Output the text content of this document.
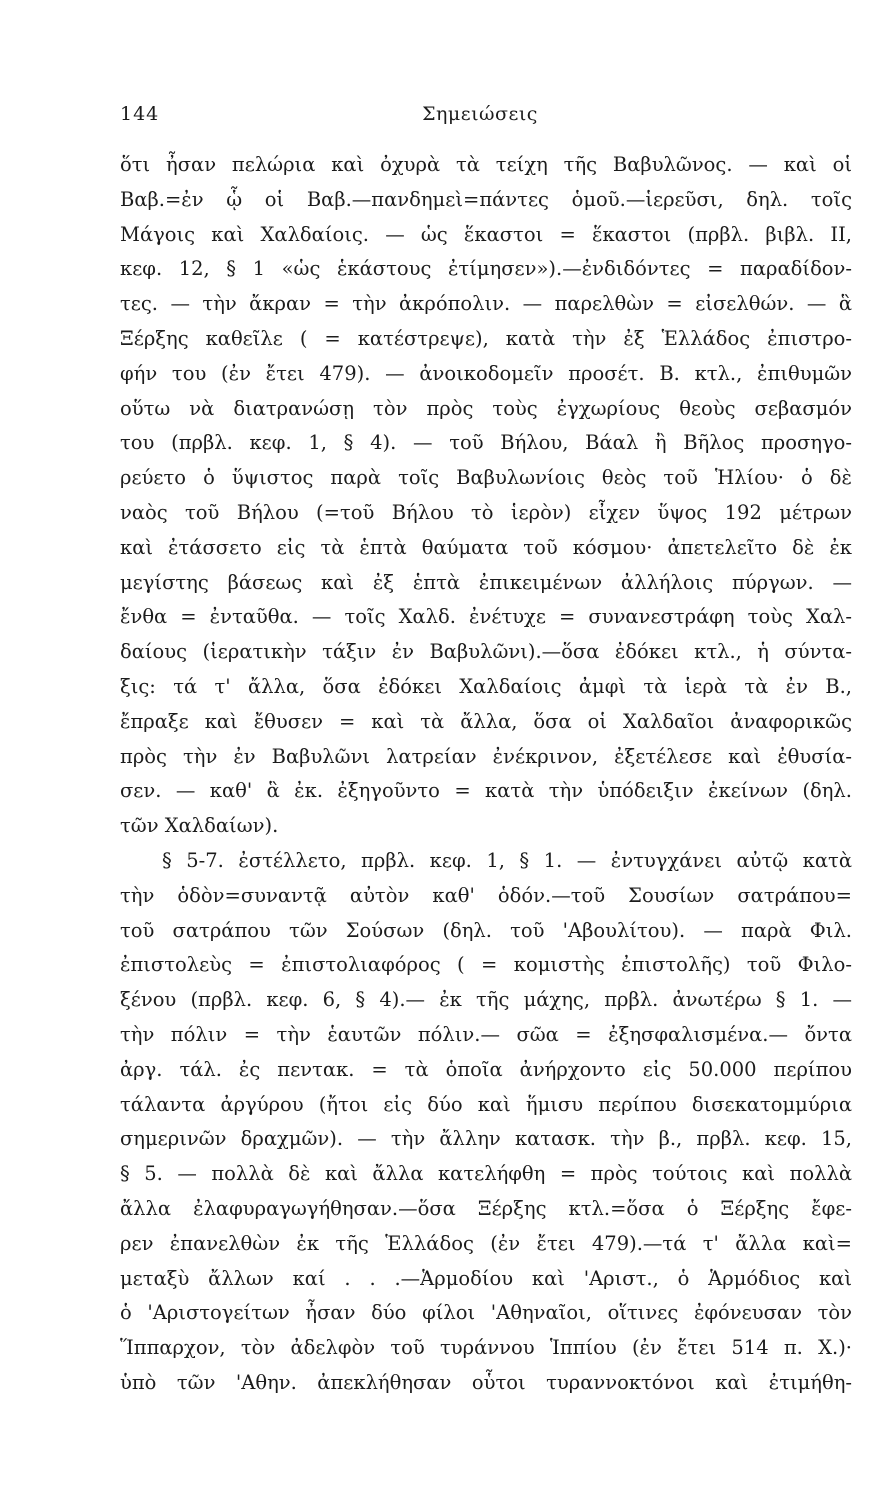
144	Σημειώσεις
ὅτι ἦσαν πελώρια καὶ ὀχυρὰ τὰ τείχη τῆς Βαβυλῶνος. — καὶ οἱ
Βαβ.=ἐν ᾧ οἱ Βαβ.—πανδημεὶ=πάντες ὁμοῦ.—ἱερεῦσι, δηλ. τοῖς
Μάγοις καὶ Χαλδαίοις. — ὡς ἕκαστοι = ἕκαστοι (πρβλ. βιβλ. II,
κεφ. 12, § 1 «ὡς ἑκάστους ἐτίμησεν»).—ἐνδιδόντες = παραδίδον-
τες. — τὴν ἄκραν = τὴν ἀκρόπολιν. — παρελθὼν = εἰσελθών. — ἃ
Ξέρξης καθεῖλε ( = κατέστρεψε), κατὰ τὴν ἐξ Ἑλλάδος ἐπιστρο-
φήν του (ἐν ἔτει 479). — ἀνοικοδομεῖν προσέτ. Β. κτλ., ἐπιθυμῶν
οὕτω νὰ διατρανώσῃ τὸν πρὸς τοὺς ἐγχωρίους θεοὺς σεβασμόν
του (πρβλ. κεφ. 1, § 4). — τοῦ Βήλου, Βάαλ ἢ Βῆλος προσηγο-
ρεύετο ὁ ὕψιστος παρὰ τοῖς Βαβυλωνίοις θεὸς τοῦ Ἡλίου· ὁ δὲ
ναὸς τοῦ Βήλου (=τοῦ Βήλου τὸ ἱερὸν) εἶχεν ὕψος 192 μέτρων
καὶ ἐτάσσετο εἰς τὰ ἑπτὰ θαύματα τοῦ κόσμου· ἀπετελεῖτο δὲ ἐκ
μεγίστης βάσεως καὶ ἐξ ἑπτὰ ἐπικειμένων ἀλλήλοις πύργων. —
ἔνθα = ἐνταῦθα. — τοῖς Χαλδ. ἐνέτυχε = συνανεστράφη τοὺς Χαλ-
δαίους (ἱερατικὴν τάξιν ἐν Βαβυλῶνι).—ὅσα ἐδόκει κτλ., ἡ σύντα-
ξις: τά τ' ἄλλα, ὅσα ἐδόκει Χαλδαίοις ἀμφὶ τὰ ἱερὰ τὰ ἐν Β.,
ἔπραξε καὶ ἔθυσεν = καὶ τὰ ἄλλα, ὅσα οἱ Χαλδαῖοι ἀναφορικῶς
πρὸς τὴν ἐν Βαβυλῶνι λατρείαν ἐνέκρινον, ἐξετέλεσε καὶ ἐθυσία-
σεν. — καθ' ἃ ἐκ. ἐξηγοῦντο = κατὰ τὴν ὑπόδειξιν ἐκείνων (δηλ.
τῶν Χαλδαίων).
§ 5-7. ἐστέλλετο, πρβλ. κεφ. 1, § 1. — ἐντυγχάνει αὐτῷ κατὰ
τὴν ὁδὸν=συναντᾷ αὐτὸν καθ' ὁδόν.—τοῦ Σουσίων σατράπου=
τοῦ σατράπου τῶν Σούσων (δηλ. τοῦ 'Αβουλίτου). — παρὰ Φιλ.
ἐπιστολεὺς = ἐπιστολιαφόρος ( = κομιστὴς ἐπιστολῆς) τοῦ Φιλο-
ξένου (πρβλ. κεφ. 6, § 4).— ἐκ τῆς μάχης, πρβλ. ἀνωτέρω § 1. —
τὴν πόλιν = τὴν ἑαυτῶν πόλιν.— σῶα = ἐξησφαλισμένα.— ὄντα
ἀργ. τάλ. ἐς πεντακ. = τὰ ὁποῖα ἀνήρχοντο εἰς 50.000 περίπου
τάλαντα ἀργύρου (ἤτοι εἰς δύο καὶ ἥμισυ περίπου δισεκατομμύρια
σημερινῶν δραχμῶν). — τὴν ἄλλην κατασκ. τὴν β., πρβλ. κεφ. 15,
§ 5. — πολλὰ δὲ καὶ ἄλλα κατελήφθη = πρὸς τούτοις καὶ πολλὰ
ἄλλα ἐλαφυραγωγήθησαν.—ὅσα Ξέρξης κτλ.=ὅσα ὁ Ξέρξης ἔφε-
ρεν ἐπανελθὼν ἐκ τῆς Ἑλλάδος (ἐν ἔτει 479).—τά τ' ἄλλα καὶ=
μεταξὺ ἄλλων καί . . .—Ἁρμοδίου καὶ 'Αριστ., ὁ Ἁρμόδιος καὶ
ὁ 'Αριστογείτων ἦσαν δύο φίλοι 'Αθηναῖοι, οἵτινες ἐφόνευσαν τὸν
Ἵππαρχον, τὸν ἀδελφὸν τοῦ τυράννου Ἱππίου (ἐν ἔτει 514 π. Χ.)·
ὑπὸ τῶν 'Αθην. ἀπεκλήθησαν οὗτοι τυραννοκτόνοι καὶ ἐτιμήθη-
